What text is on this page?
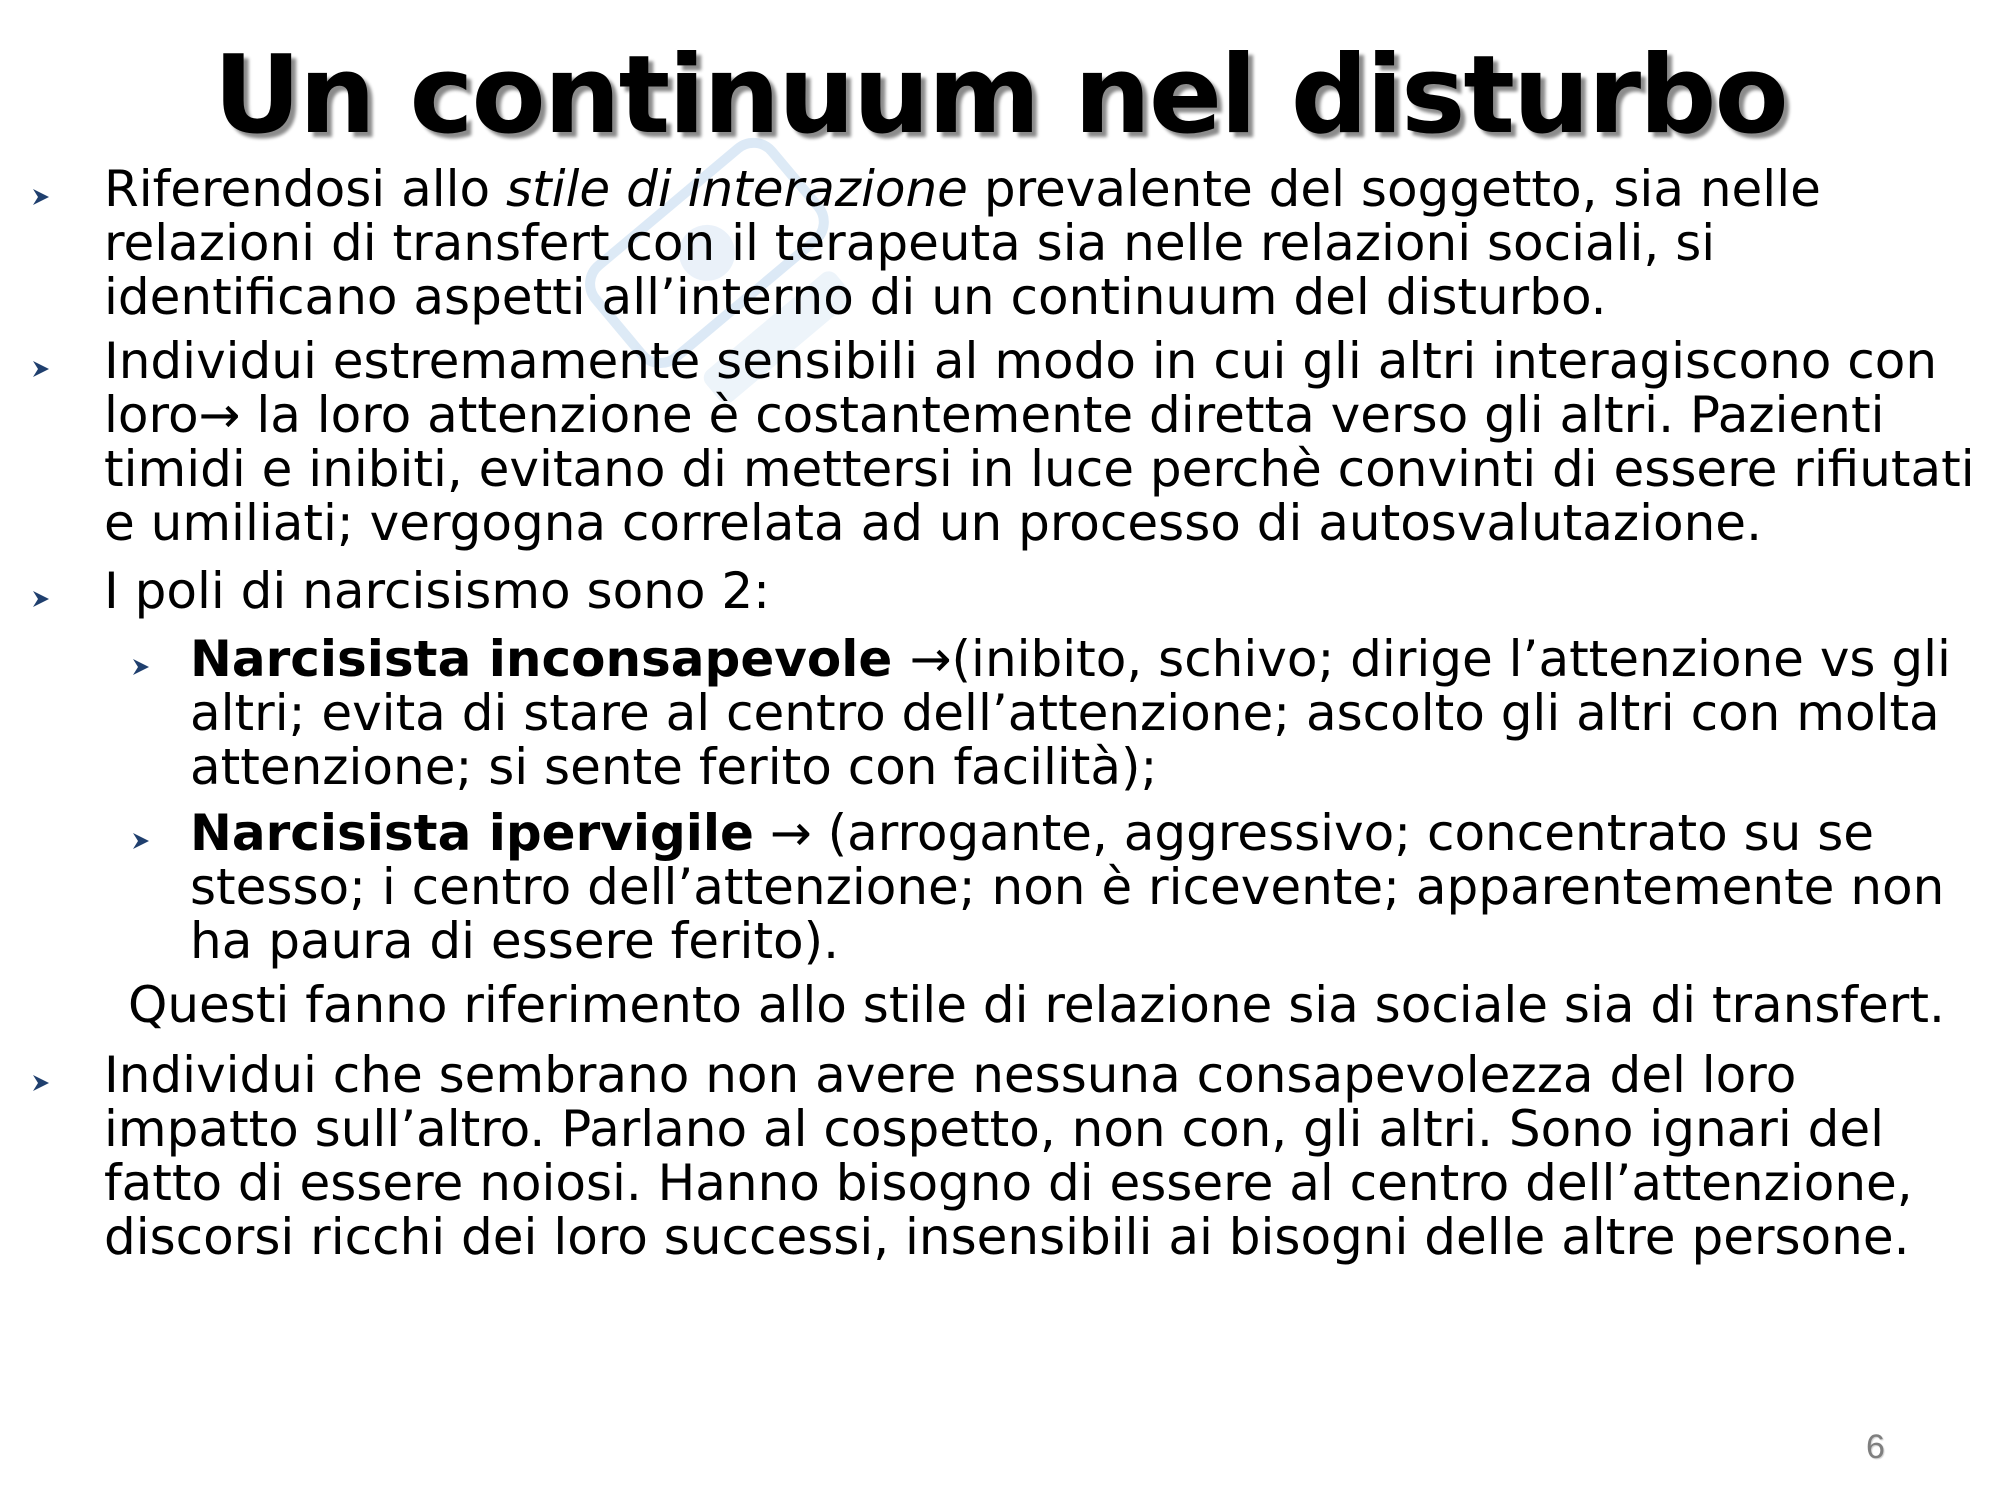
Un continuum nel disturbo

Riferendosi allo stile di interazione prevalente del soggetto, sia nelle relazioni di transfert con il terapeuta sia nelle relazioni sociali, si identificano aspetti all’interno di un continuum del disturbo.

Individui estremamente sensibili al modo in cui gli altri interagiscono con loro→ la loro attenzione è costantemente diretta verso gli altri. Pazienti timidi e inibiti, evitano di mettersi in luce perchè convinti di essere rifiutati e umiliati; vergogna correlata ad un processo di autosvalutazione.

I poli di narcisismo sono 2:

Narcisista inconsapevole →(inibito, schivo; dirige l’attenzione vs gli altri; evita di stare al centro dell’attenzione; ascolto gli altri con molta attenzione; si sente ferito con facilità);

Narcisista ipervigile → (arrogante, aggressivo; concentrato su se stesso; i centro dell’attenzione; non è ricevente; apparentemente non ha paura di essere ferito).

Questi fanno riferimento allo stile di relazione sia sociale sia di transfert.

Individui che sembrano non avere nessuna consapevolezza del loro impatto sull’altro. Parlano al cospetto, non con, gli altri. Sono ignari del fatto di essere noiosi. Hanno bisogno di essere al centro dell’attenzione, discorsi ricchi dei loro successi, insensibili ai bisogni delle altre persone.

6
